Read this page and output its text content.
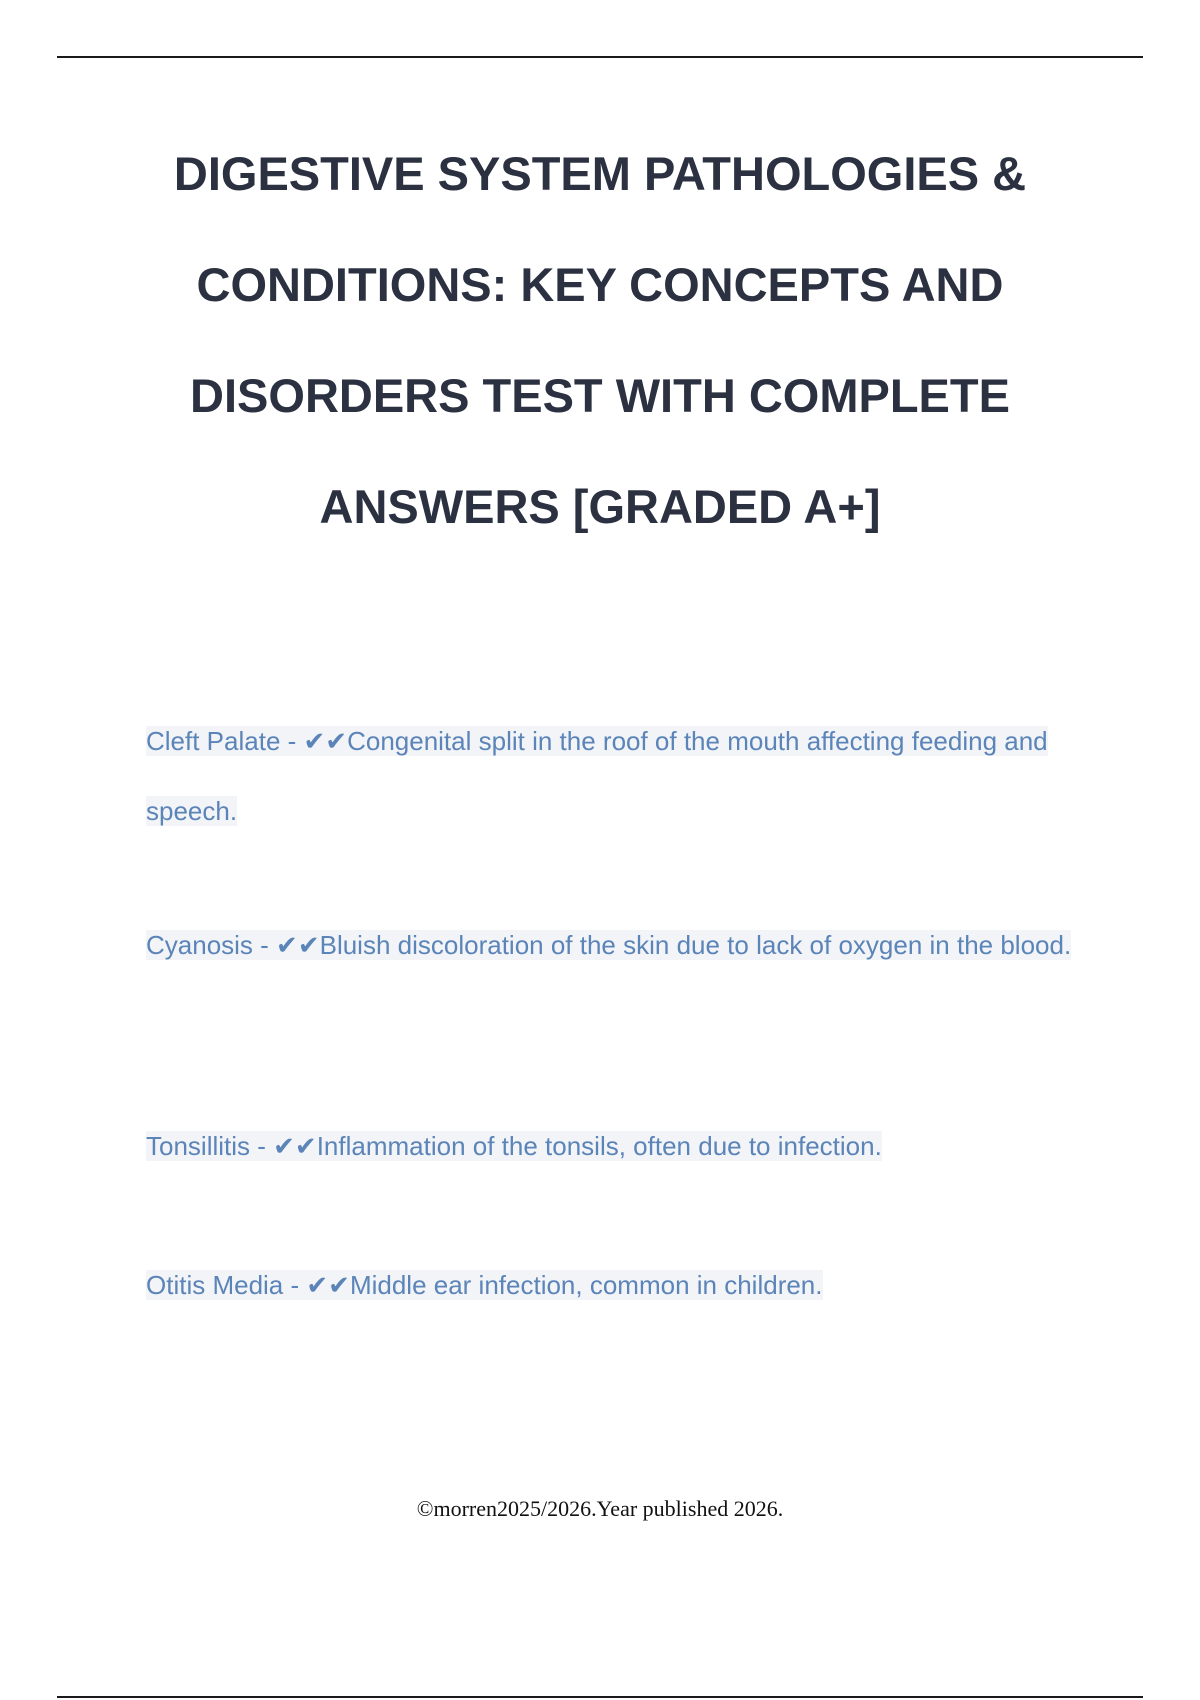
DIGESTIVE SYSTEM PATHOLOGIES &
CONDITIONS: KEY CONCEPTS AND
DISORDERS TEST WITH COMPLETE
ANSWERS [GRADED A+]
Cleft Palate - ✔✔Congenital split in the roof of the mouth affecting feeding and speech.
Cyanosis - ✔✔Bluish discoloration of the skin due to lack of oxygen in the blood.
Tonsillitis - ✔✔Inflammation of the tonsils, often due to infection.
Otitis Media - ✔✔Middle ear infection, common in children.
©morren2025/2026.Year published 2026.
